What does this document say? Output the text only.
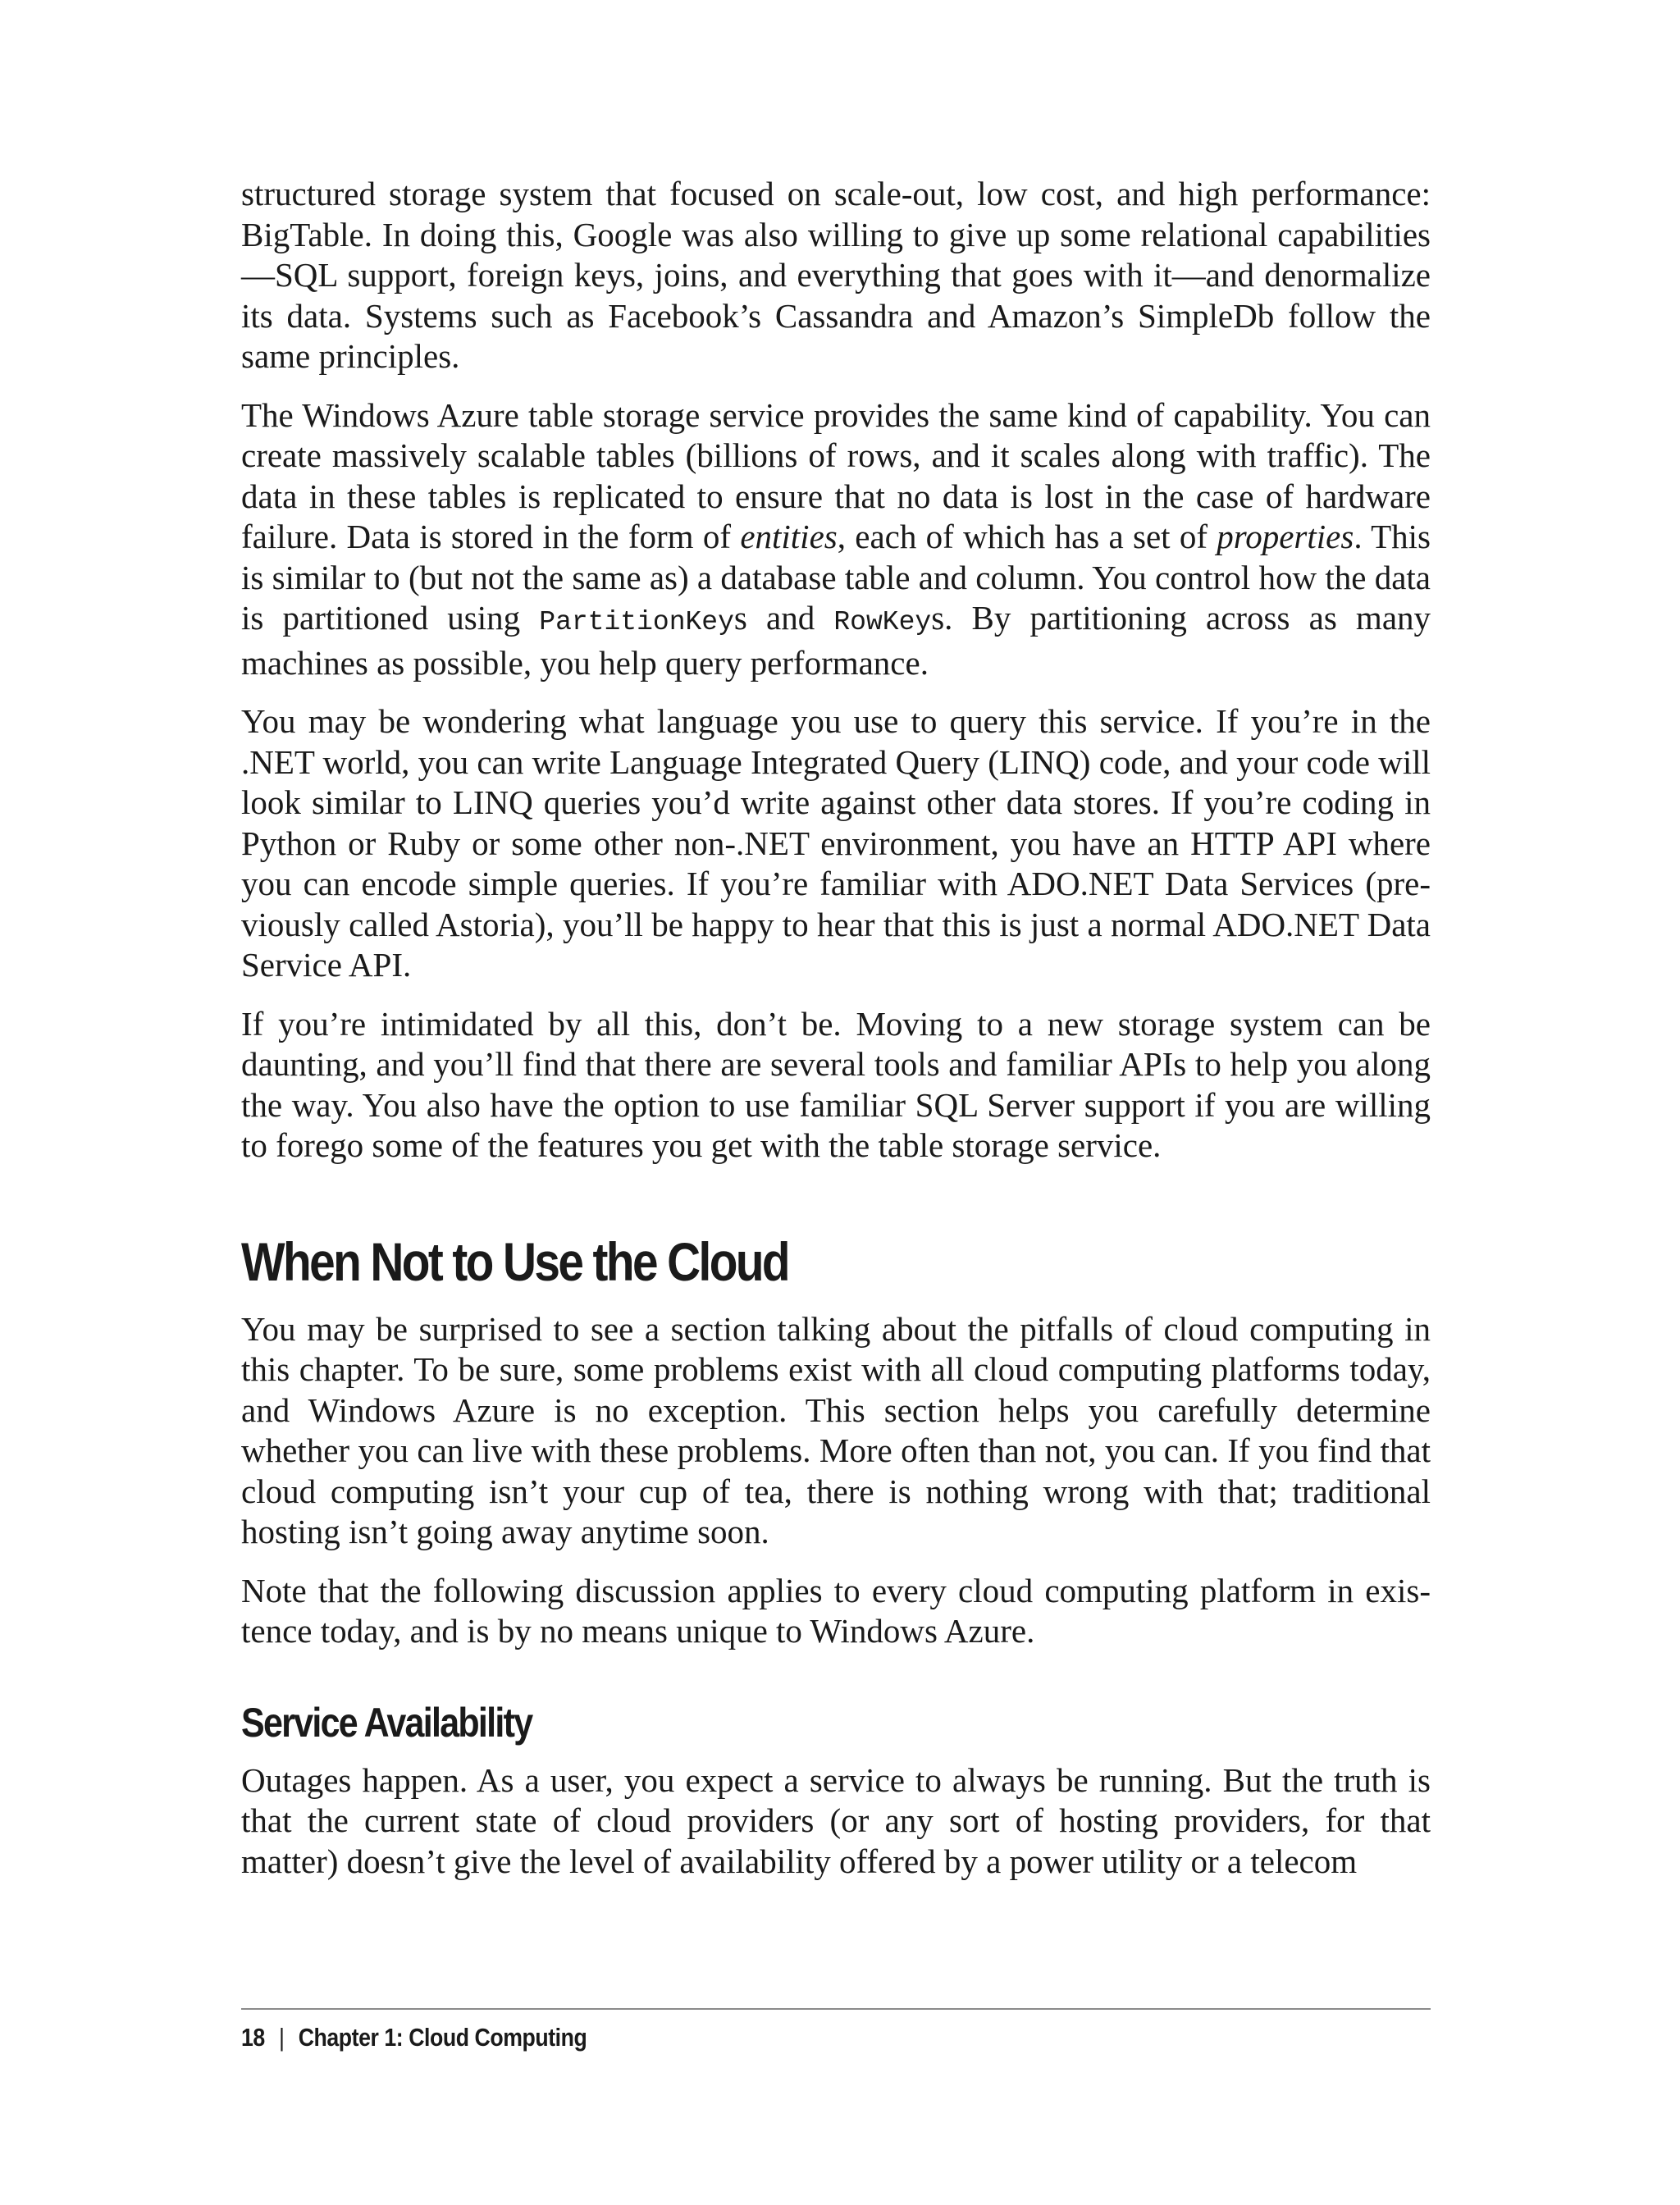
structured storage system that focused on scale-out, low cost, and high performance: BigTable. In doing this, Google was also willing to give up some relational capabilities—SQL support, foreign keys, joins, and everything that goes with it—and denormalize its data. Systems such as Facebook’s Cassandra and Amazon’s SimpleDb follow the same principles.

The Windows Azure table storage service provides the same kind of capability. You can create massively scalable tables (billions of rows, and it scales along with traffic). The data in these tables is replicated to ensure that no data is lost in the case of hardware failure. Data is stored in the form of entities, each of which has a set of properties. This is similar to (but not the same as) a database table and column. You control how the data is partitioned using PartitionKeys and RowKeys. By partitioning across as many machines as possible, you help query performance.

You may be wondering what language you use to query this service. If you’re in the .NET world, you can write Language Integrated Query (LINQ) code, and your code will look similar to LINQ queries you’d write against other data stores. If you’re coding in Python or Ruby or some other non-.NET environment, you have an HTTP API where you can encode simple queries. If you’re familiar with ADO.NET Data Services (previously called Astoria), you’ll be happy to hear that this is just a normal ADO.NET Data Service API.

If you’re intimidated by all this, don’t be. Moving to a new storage system can be daunting, and you’ll find that there are several tools and familiar APIs to help you along the way. You also have the option to use familiar SQL Server support if you are willing to forego some of the features you get with the table storage service.

When Not to Use the Cloud

You may be surprised to see a section talking about the pitfalls of cloud computing in this chapter. To be sure, some problems exist with all cloud computing platforms today, and Windows Azure is no exception. This section helps you carefully determine whether you can live with these problems. More often than not, you can. If you find that cloud computing isn’t your cup of tea, there is nothing wrong with that; traditional hosting isn’t going away anytime soon.

Note that the following discussion applies to every cloud computing platform in existence today, and is by no means unique to Windows Azure.

Service Availability

Outages happen. As a user, you expect a service to always be running. But the truth is that the current state of cloud providers (or any sort of hosting providers, for that matter) doesn’t give the level of availability offered by a power utility or a telecom

18 | Chapter 1: Cloud Computing
